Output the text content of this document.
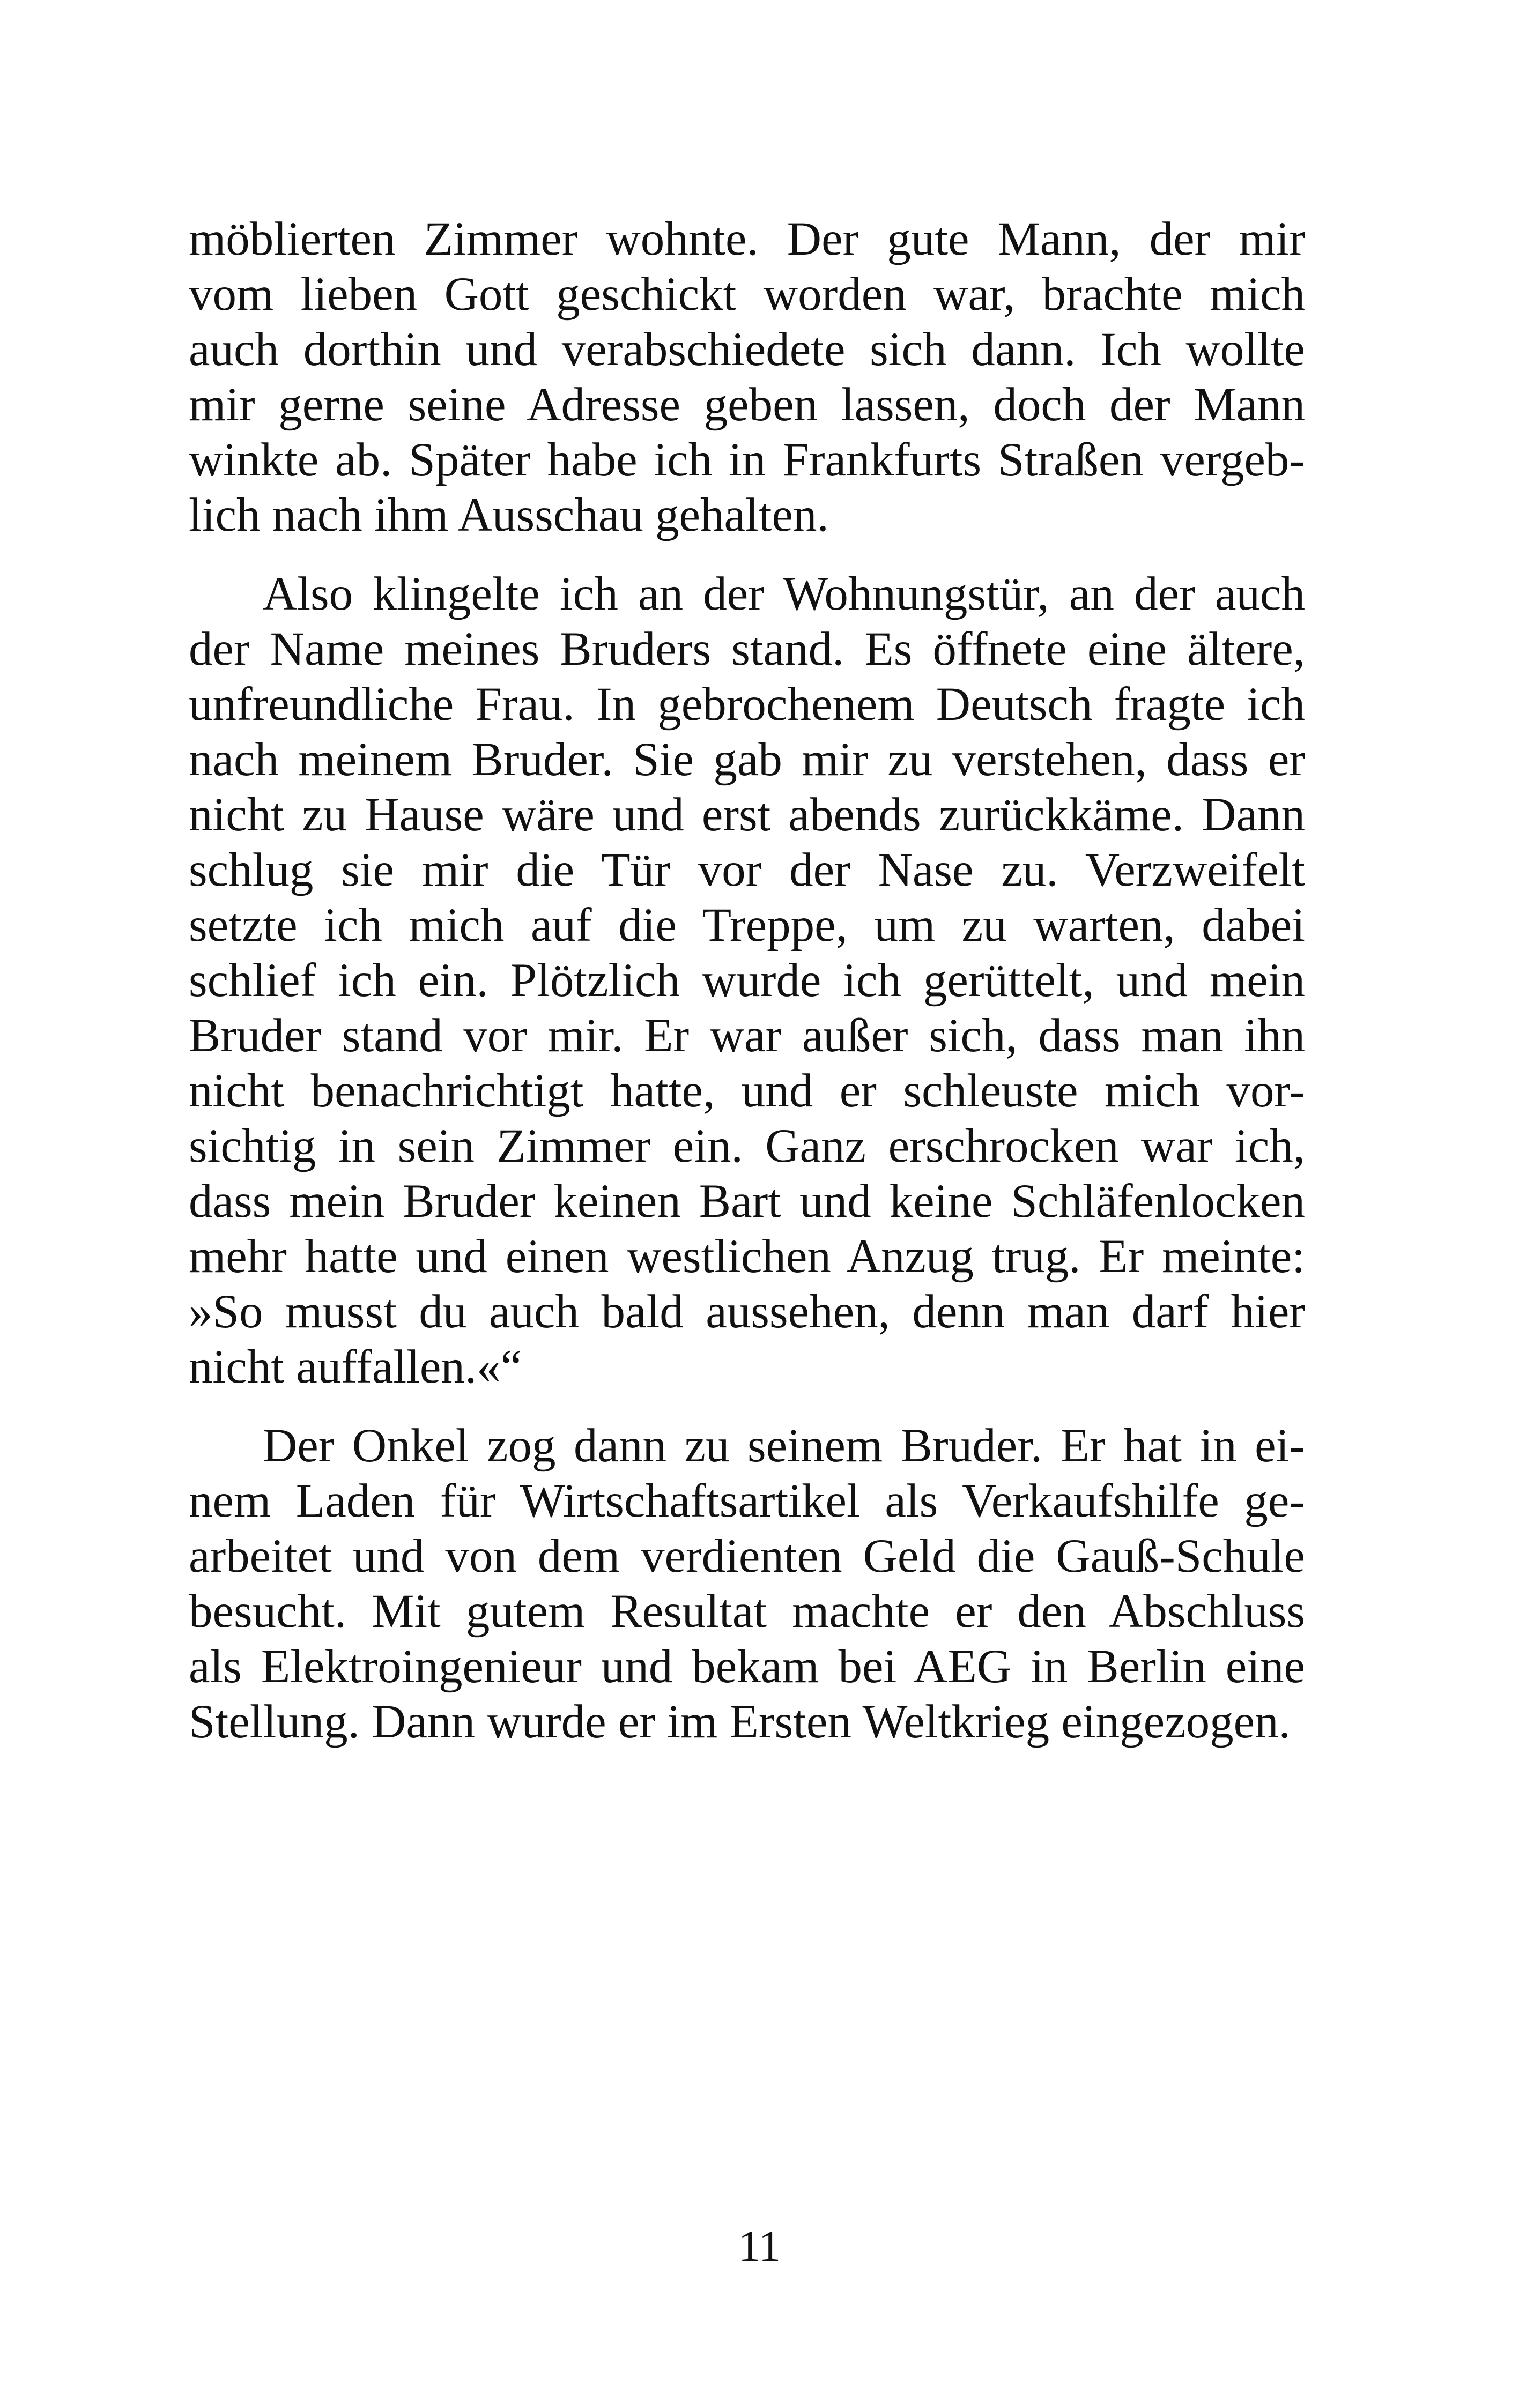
möblierten Zimmer wohnte. Der gute Mann, der mir
vom lieben Gott geschickt worden war, brachte mich
auch dorthin und verabschiedete sich dann. Ich wollte
mir gerne seine Adresse geben lassen, doch der Mann
winkte ab. Später habe ich in Frankfurts Straßen vergeb-
lich nach ihm Ausschau gehalten.
Also klingelte ich an der Wohnungstür, an der auch
der Name meines Bruders stand. Es öffnete eine ältere,
unfreundliche Frau. In gebrochenem Deutsch fragte ich
nach meinem Bruder. Sie gab mir zu verstehen, dass er
nicht zu Hause wäre und erst abends zurückkäme. Dann
schlug sie mir die Tür vor der Nase zu. Verzweifelt
setzte ich mich auf die Treppe, um zu warten, dabei
schlief ich ein. Plötzlich wurde ich gerüttelt, und mein
Bruder stand vor mir. Er war außer sich, dass man ihn
nicht benachrichtigt hatte, und er schleuste mich vor-
sichtig in sein Zimmer ein. Ganz erschrocken war ich,
dass mein Bruder keinen Bart und keine Schläfenlocken
mehr hatte und einen westlichen Anzug trug. Er meinte:
»So musst du auch bald aussehen, denn man darf hier
nicht auffallen.«“
Der Onkel zog dann zu seinem Bruder. Er hat in ei-
nem Laden für Wirtschaftsartikel als Verkaufshilfe ge-
arbeitet und von dem verdienten Geld die Gauß-Schule
besucht. Mit gutem Resultat machte er den Abschluss
als Elektroingenieur und bekam bei AEG in Berlin eine
Stellung. Dann wurde er im Ersten Weltkrieg eingezogen.
11
